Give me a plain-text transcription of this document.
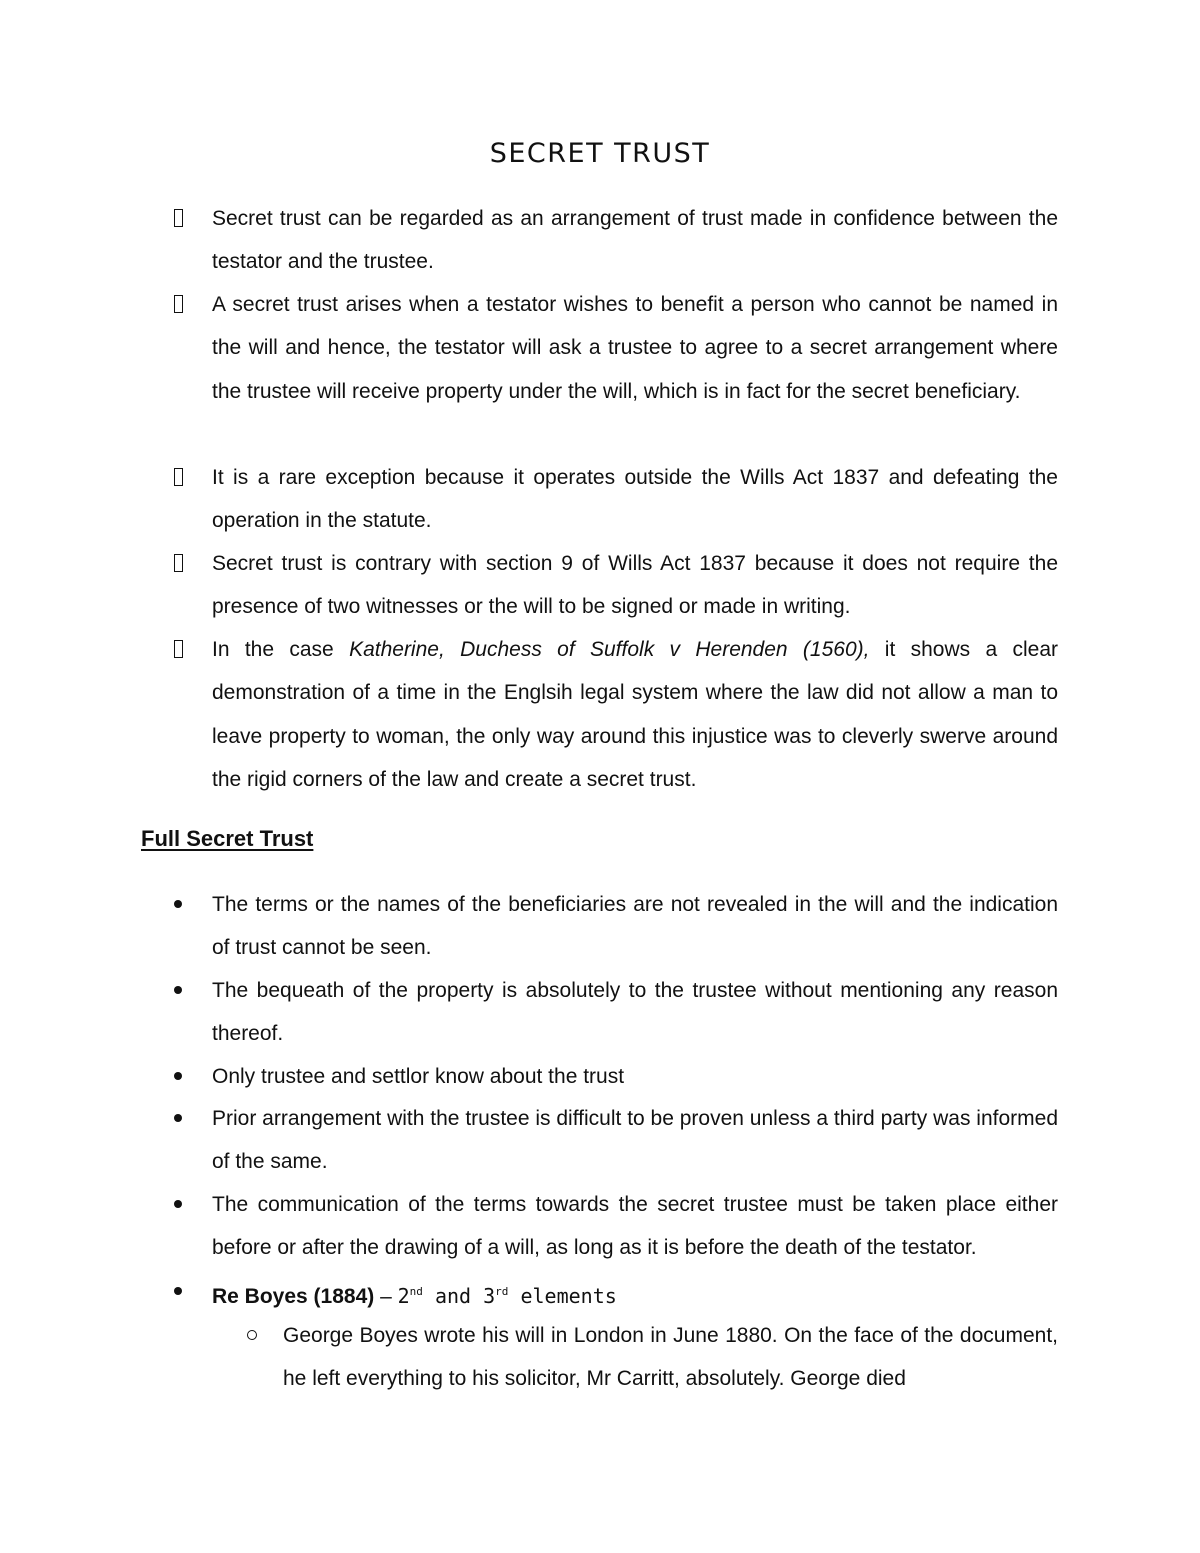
SECRET TRUST

Secret trust can be regarded as an arrangement of trust made in confidence between the testator and the trustee.

A secret trust arises when a testator wishes to benefit a person who cannot be named in the will and hence, the testator will ask a trustee to agree to a secret arrangement where the trustee will receive property under the will, which is in fact for the secret beneficiary.

It is a rare exception because it operates outside the Wills Act 1837 and defeating the operation in the statute.

Secret trust is contrary with section 9 of Wills Act 1837 because it does not require the presence of two witnesses or the will to be signed or made in writing.

In the case Katherine, Duchess of Suffolk v Herenden (1560), it shows a clear demonstration of a time in the Englsih legal system where the law did not allow a man to leave property to woman, the only way around this injustice was to cleverly swerve around the rigid corners of the law and create a secret trust.

Full Secret Trust

The terms or the names of the beneficiaries are not revealed in the will and the indication of trust cannot be seen.

The bequeath of the property is absolutely to the trustee without mentioning any reason thereof.

Only trustee and settlor know about the trust

Prior arrangement with the trustee is difficult to be proven unless a third party was informed of the same.

The communication of the terms towards the secret trustee must be taken place either before or after the drawing of a will, as long as it is before the death of the testator.

Re Boyes (1884) – 2nd and 3rd elements

George Boyes wrote his will in London in June 1880. On the face of the document, he left everything to his solicitor, Mr Carritt, absolutely. George died
